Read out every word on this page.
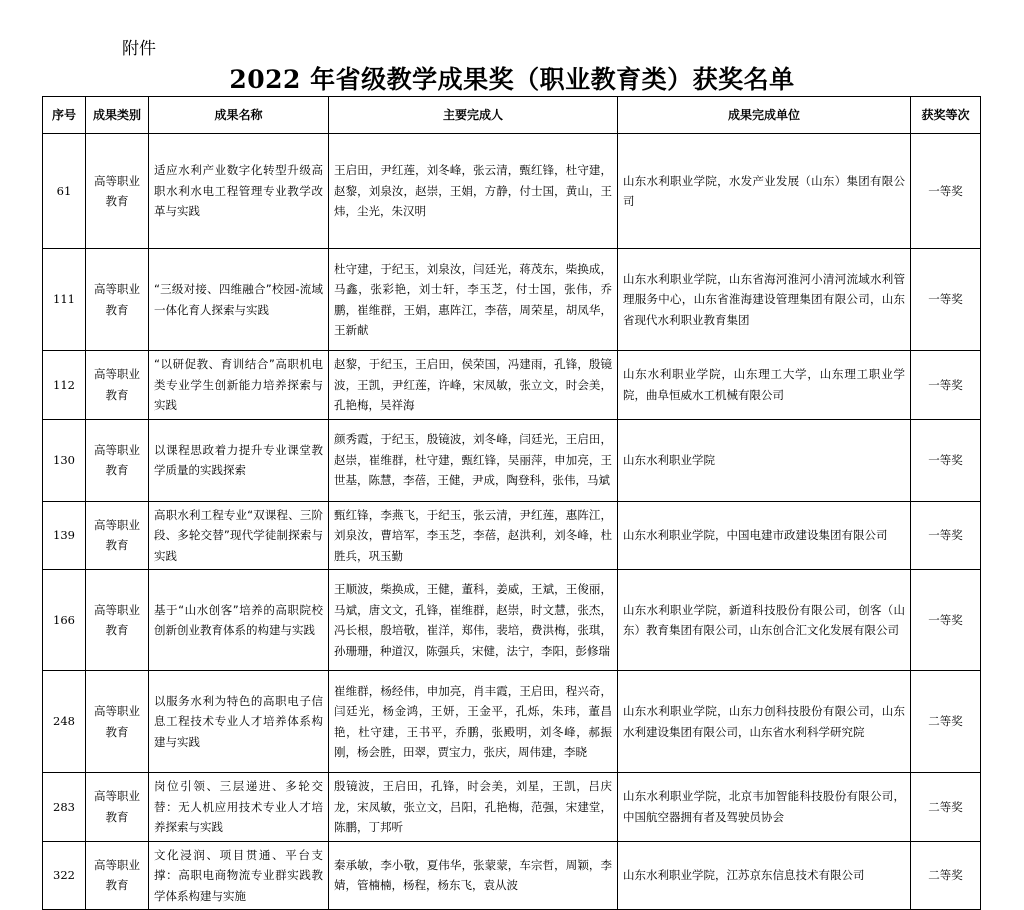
附件
2022 年省级教学成果奖（职业教育类）获奖名单
序号	成果类别	成果名称	主要完成人	成果完成单位	获奖等次
61	高等职业教育	适应水利产业数字化转型升级高职水利水电工程管理专业教学改革与实践	王启田，尹红莲，刘冬峰，张云清，甄红锋，杜守建，赵黎，刘泉汝，赵崇，王娟，方静，付士国，黄山，王炜，尘光，朱汉明	山东水利职业学院，水发产业发展（山东）集团有限公司	一等奖
111	高等职业教育	“三级对接、四维融合”校园-流域一体化育人探索与实践	杜守建，于纪玉，刘泉汝，闫廷光，蒋茂东，柴换成，马鑫，张彩艳，刘士轩，李玉芝，付士国，张伟，乔鹏，崔维群，王娟，惠阵江，李蓓，周荣星，胡凤华，王新献	山东水利职业学院，山东省海河淮河小清河流域水利管理服务中心，山东省淮海建设管理集团有限公司，山东省现代水利职业教育集团	一等奖
112	高等职业教育	“以研促教、育训结合”高职机电类专业学生创新能力培养探索与实践	赵黎，于纪玉，王启田，侯荣国，冯建雨，孔锋，殷镜波，王凯，尹红莲，许峰，宋凤敏，张立文，时会美，孔艳梅，吴祥海	山东水利职业学院，山东理工大学，山东理工职业学院，曲阜恒威水工机械有限公司	一等奖
130	高等职业教育	以课程思政着力提升专业课堂教学质量的实践探索	颜秀霞，于纪玉，殷镜波，刘冬峰，闫廷光，王启田，赵崇，崔维群，杜守建，甄红锋，吴丽萍，申加亮，王世基，陈慧，李蓓，王健，尹成，陶登科，张伟，马斌	山东水利职业学院	一等奖
139	高等职业教育	高职水利工程专业“双课程、三阶段、多轮交替”现代学徒制探索与实践	甄红锋，李燕飞，于纪玉，张云清，尹红莲，惠阵江，刘泉汝，曹培军，李玉芝，李蓓，赵洪利，刘冬峰，杜胜兵，巩玉勤	山东水利职业学院，中国电建市政建设集团有限公司	一等奖
166	高等职业教育	基于“山水创客”培养的高职院校创新创业教育体系的构建与实践	王顺波，柴换成，王健，董科，姜威，王斌，王俊丽，马斌，唐文文，孔锋，崔维群，赵崇，时文慧，张杰，冯长根，殷培敬，崔洋，郑伟，裴培，费洪梅，张琪，孙珊珊，种道汉，陈强兵，宋健，法宁，李阳，彭修瑞	山东水利职业学院，新道科技股份有限公司，创客（山东）教育集团有限公司，山东创合汇文化发展有限公司	一等奖
248	高等职业教育	以服务水利为特色的高职电子信息工程技术专业人才培养体系构建与实践	崔维群，杨经伟，申加亮，肖丰霞，王启田，程兴奇，闫廷光，杨金鸿，王妍，王金平，孔烁，朱玮，董昌艳，杜守建，王书平，乔鹏，张殿明，刘冬峰，郝振刚，杨会胜，田翠，贾宝力，张庆，周伟建，李晓	山东水利职业学院，山东力创科技股份有限公司，山东水利建设集团有限公司，山东省水利科学研究院	二等奖
283	高等职业教育	岗位引领、三层递进、多轮交替：无人机应用技术专业人才培养探索与实践	殷镜波，王启田，孔锋，时会美，刘星，王凯，吕庆龙，宋凤敏，张立文，吕阳，孔艳梅，范强，宋建堂，陈鹏，丁邦听	山东水利职业学院，北京韦加智能科技股份有限公司，中国航空器拥有者及驾驶员协会	二等奖
322	高等职业教育	文化浸润、项目贯通、平台支撑：高职电商物流专业群实践教学体系构建与实施	秦承敏，李小敬，夏伟华，张蒙蒙，车宗哲，周颖，李婧，管楠楠，杨程，杨东飞，袁从波	山东水利职业学院，江苏京东信息技术有限公司	二等奖
